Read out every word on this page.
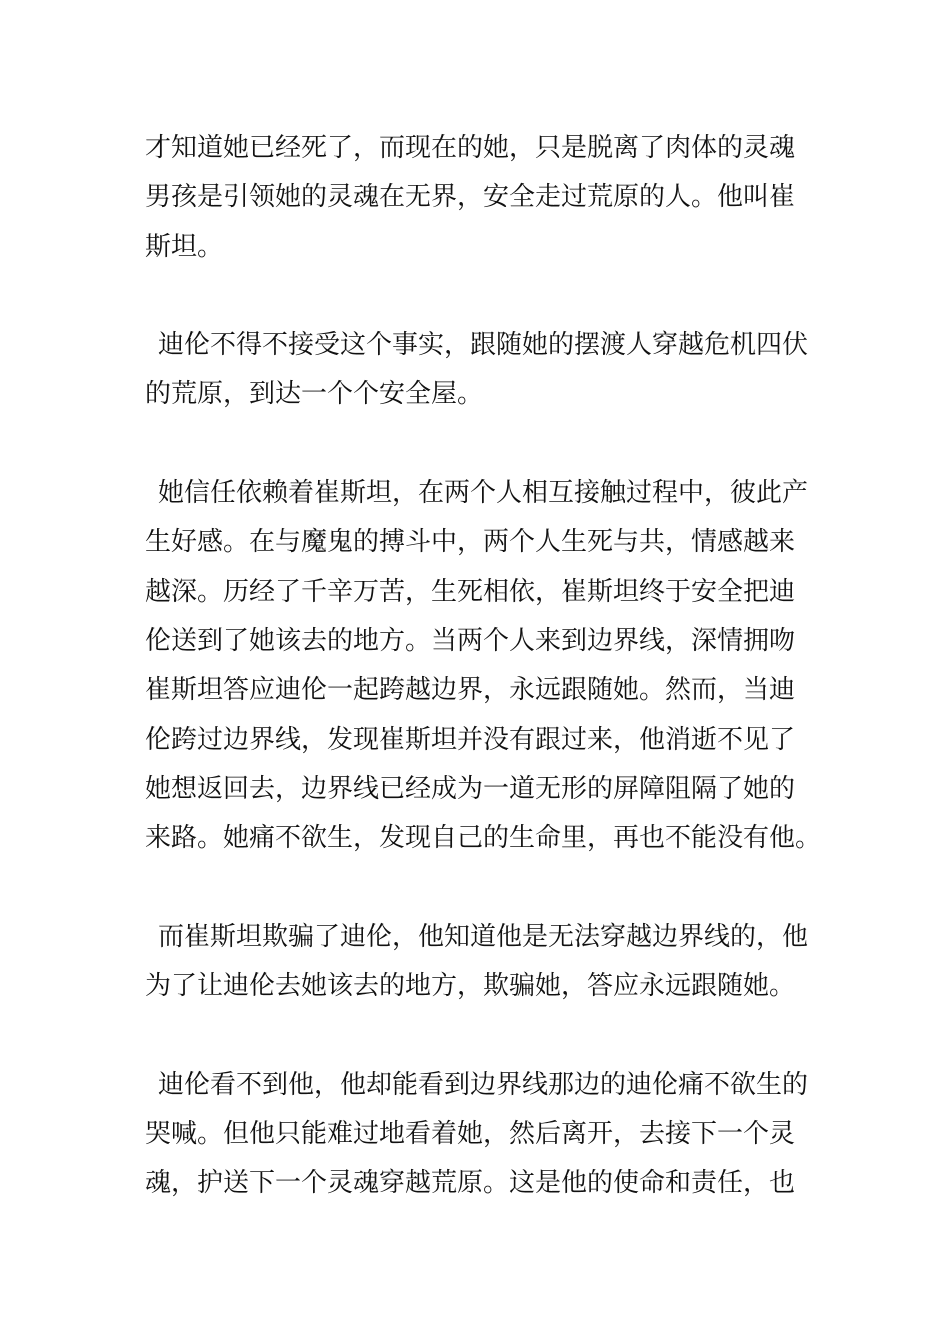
才知道她已经死了，而现在的她，只是脱离了肉体的灵魂
男孩是引领她的灵魂在无界，安全走过荒原的人。他叫崔
斯坦。
迪伦不得不接受这个事实，跟随她的摆渡人穿越危机四伏
的荒原，到达一个个安全屋。
她信任依赖着崔斯坦，在两个人相互接触过程中，彼此产
生好感。在与魔鬼的搏斗中，两个人生死与共，情感越来
越深。历经了千辛万苦，生死相依，崔斯坦终于安全把迪
伦送到了她该去的地方。当两个人来到边界线，深情拥吻
崔斯坦答应迪伦一起跨越边界，永远跟随她。然而，当迪
伦跨过边界线，发现崔斯坦并没有跟过来，他消逝不见了
她想返回去，边界线已经成为一道无形的屏障阻隔了她的
来路。她痛不欲生，发现自己的生命里，再也不能没有他。
而崔斯坦欺骗了迪伦，他知道他是无法穿越边界线的，他
为了让迪伦去她该去的地方，欺骗她，答应永远跟随她。
迪伦看不到他，他却能看到边界线那边的迪伦痛不欲生的
哭喊。但他只能难过地看着她，然后离开，去接下一个灵
魂，护送下一个灵魂穿越荒原。这是他的使命和责任，也
